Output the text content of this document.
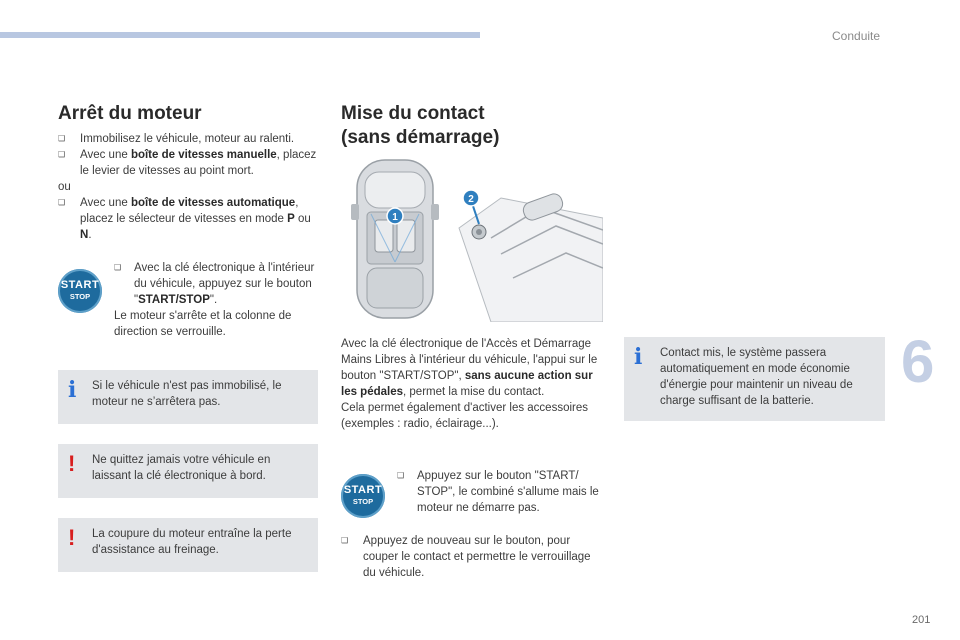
Conduite
6
201
Arrêt du moteur
❑ Immobilisez le véhicule, moteur au ralenti.
❑ Avec une boîte de vitesses manuelle, placez le levier de vitesses au point mort.
ou
❑ Avec une boîte de vitesses automatique, placez le sélecteur de vitesses en mode P ou N.
START
STOP
❑ Avec la clé électronique à l'intérieur du véhicule, appuyez sur le bouton "START/STOP".
Le moteur s'arrête et la colonne de direction se verrouille.
i Si le véhicule n'est pas immobilisé, le moteur ne s’arrêtera pas.
! Ne quittez jamais votre véhicule en laissant la clé électronique à bord.
! La coupure du moteur entraîne la perte d'assistance au freinage.
Mise du contact
(sans démarrage)
1
2
Avec la clé électronique de l'Accès et Démarrage Mains Libres à l'intérieur du véhicule, l'appui sur le bouton "START/STOP", sans aucune action sur les pédales, permet la mise du contact.
Cela permet également d'activer les accessoires (exemples : radio, éclairage...).
START
STOP
❑ Appuyez sur le bouton "START/ STOP", le combiné s'allume mais le moteur ne démarre pas.
❑ Appuyez de nouveau sur le bouton, pour couper le contact et permettre le verrouillage du véhicule.
i Contact mis, le système passera automatiquement en mode économie d'énergie pour maintenir un niveau de charge suffisant de la batterie.
